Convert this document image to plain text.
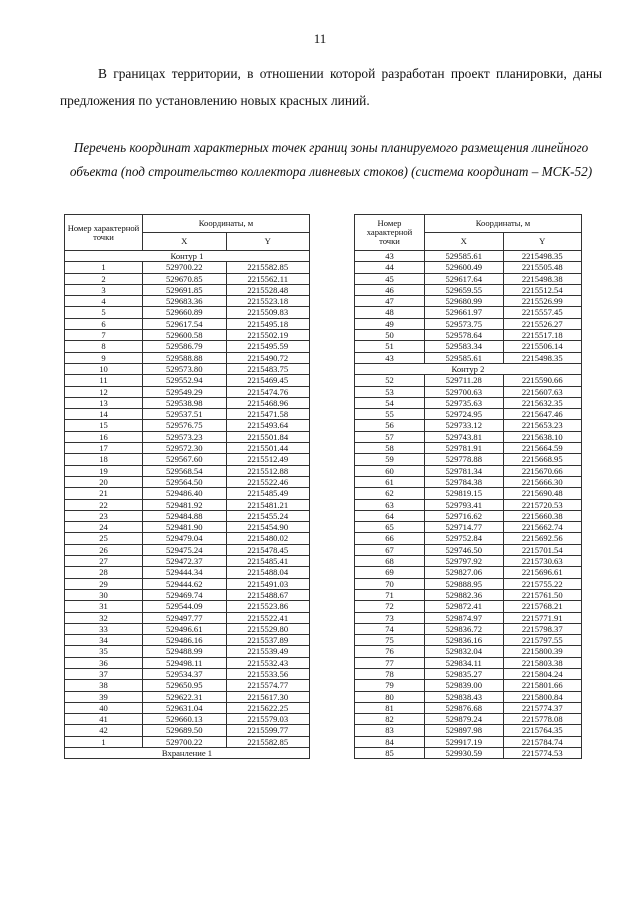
11

В границах территории, в отношении которой разработан проект планировки, даны предложения по установлению новых красных линий.

Перечень координат характерных точек границ зоны планируемого размещения линейного объекта (под строительство коллектора ливневых стоков) (система координат – МСК-52)

Номер характерной точки	Координаты, м	
	X	Y
Контур 1		
1	529700.22	2215582.85
2	529670.85	2215562.11
3	529691.85	2215528.48
4	529683.36	2215523.18
5	529660.89	2215509.83
6	529617.54	2215495.18
7	529600.58	2215502.19
8	529586.79	2215495.59
9	529588.88	2215490.72
10	529573.80	2215483.75
11	529552.94	2215469.45
12	529549.29	2215474.76
13	529538.98	2215468.96
14	529537.51	2215471.58
15	529576.75	2215493.64
16	529573.23	2215501.84
17	529572.30	2215501.44
18	529567.60	2215512.49
19	529568.54	2215512.88
20	529564.50	2215522.46
21	529486.40	2215485.49
22	529481.92	2215481.21
23	529484.88	2215455.24
24	529481.90	2215454.90
25	529479.04	2215480.02
26	529475.24	2215478.45
27	529472.37	2215485.41
28	529444.34	2215488.04
29	529444.62	2215491.03
30	529469.74	2215488.67
31	529544.09	2215523.86
32	529497.77	2215522.41
33	529496.61	2215529.80
34	529486.16	2215537.89
35	529488.99	2215539.49
36	529498.11	2215532.43
37	529534.37	2215533.56
38	529650.95	2215574.77
39	529622.31	2215617.30
40	529631.04	2215622.25
41	529660.13	2215579.03
42	529689.50	2215599.77
1	529700.22	2215582.85
Вхранление 1		
Номер характерной точки	Координаты, м	
	X	Y
43	529585.61	2215498.35
44	529600.49	2215505.48
45	529617.64	2215498.38
46	529659.55	2215512.54
47	529680.99	2215526.99
48	529661.97	2215557.45
49	529573.75	2215526.27
50	529578.64	2215517.18
51	529583.34	2215506.14
43	529585.61	2215498.35
Контур 2		
52	529711.28	2215590.66
53	529700.63	2215607.63
54	529735.63	2215632.35
55	529724.95	2215647.46
56	529733.12	2215653.23
57	529743.81	2215638.10
58	529781.91	2215664.59
59	529778.88	2215668.95
60	529781.34	2215670.66
61	529784.38	2215666.30
62	529819.15	2215690.48
63	529793.41	2215720.53
64	529716.62	2215660.38
65	529714.77	2215662.74
66	529752.84	2215692.56
67	529746.50	2215701.54
68	529797.92	2215730.63
69	529827.06	2215696.61
70	529888.95	2215755.22
71	529882.36	2215761.50
72	529872.41	2215768.21
73	529874.97	2215771.91
74	529836.72	2215798.37
75	529836.16	2215797.55
76	529832.04	2215800.39
77	529834.11	2215803.38
78	529835.27	2215804.24
79	529839.00	2215801.66
80	529838.43	2215800.84
81	529876.68	2215774.37
82	529879.24	2215778.08
83	529897.98	2215764.35
84	529917.19	2215784.74
85	529930.59	2215774.53
